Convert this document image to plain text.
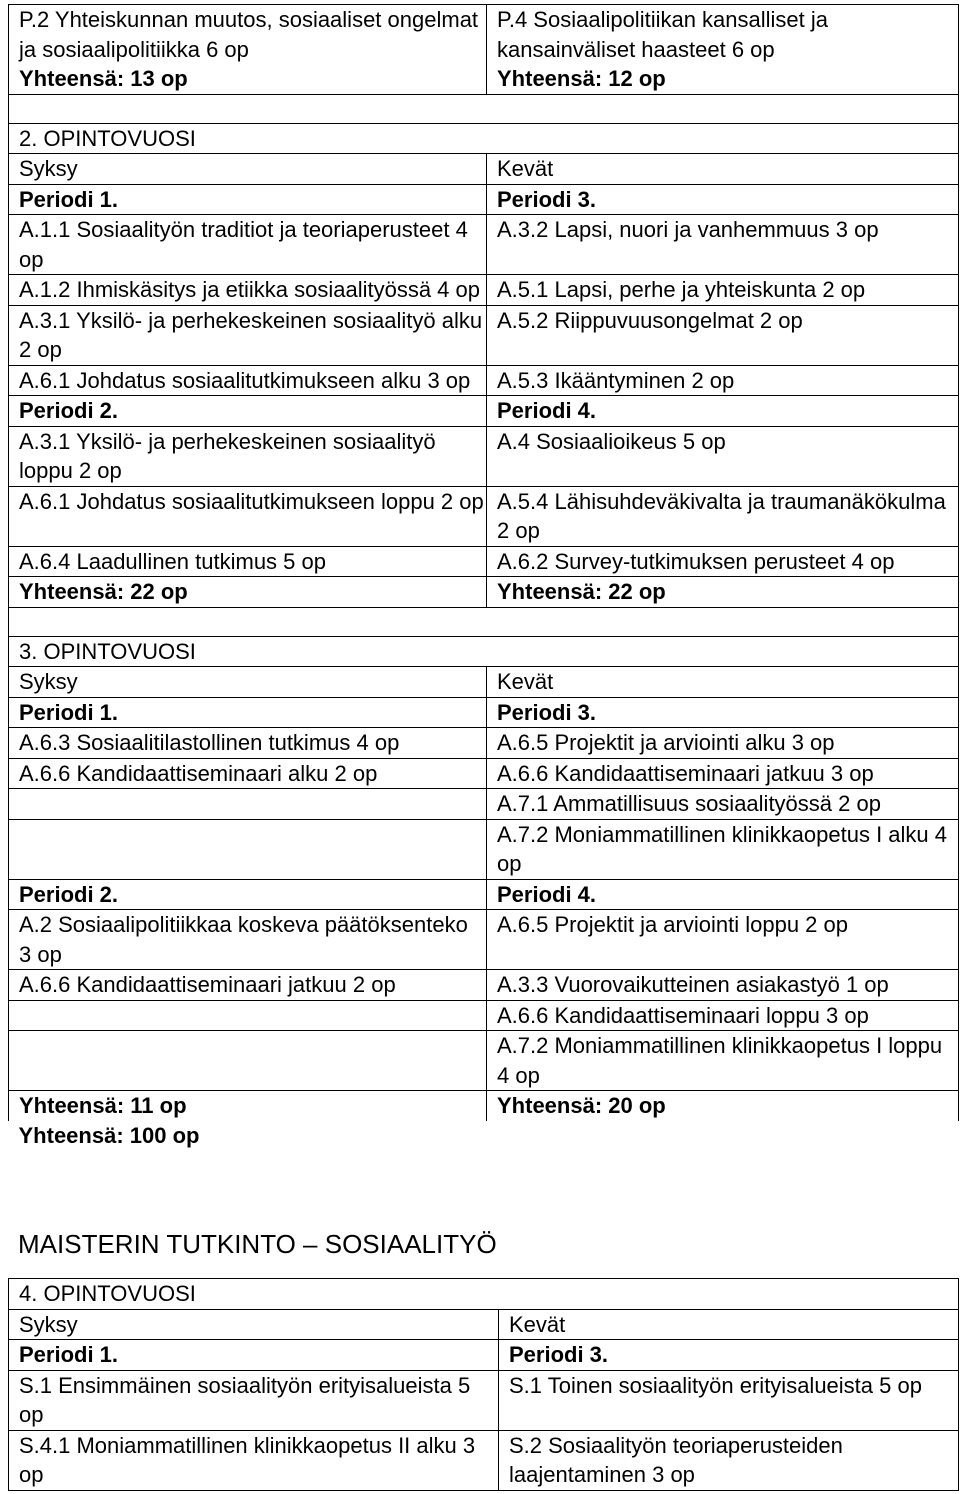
P.2 Yhteiskunnan muutos, sosiaaliset ongelmat ja sosiaalipolitiikka 6 op	P.4 Sosiaalipolitiikan kansalliset ja kansainväliset haasteet 6 op
Yhteensä: 13 op	Yhteensä: 12 op

2. OPINTOVUOSI	
Syksy	Kevät
Periodi 1.	Periodi 3.
A.1.1 Sosiaalityön traditiot ja teoriaperusteet 4 op	A.3.2 Lapsi, nuori ja vanhemmuus 3 op
A.1.2 Ihmiskäsitys ja etiikka sosiaalityössä 4 op	A.5.1 Lapsi, perhe ja yhteiskunta 2 op
A.3.1 Yksilö- ja perhekeskeinen sosiaalityö alku 2 op	A.5.2 Riippuvuusongelmat 2 op
A.6.1 Johdatus sosiaalitutkimukseen alku 3 op	A.5.3 Ikääntyminen 2 op
Periodi 2.	Periodi 4.
A.3.1 Yksilö- ja perhekeskeinen sosiaalityö loppu 2 op	A.4 Sosiaalioikeus 5 op
A.6.1 Johdatus sosiaalitutkimukseen loppu 2 op	A.5.4 Lähisuhdeväkivalta ja traumanäkökulma 2 op
A.6.4 Laadullinen tutkimus 5 op	A.6.2 Survey-tutkimuksen perusteet 4 op
Yhteensä: 22 op	Yhteensä: 22 op

3. OPINTOVUOSI	
Syksy	Kevät
Periodi 1.	Periodi 3.
A.6.3 Sosiaalitilastollinen tutkimus 4 op	A.6.5 Projektit ja arviointi alku 3 op
A.6.6 Kandidaattiseminaari alku 2 op	A.6.6 Kandidaattiseminaari jatkuu 3 op
	A.7.1 Ammatillisuus sosiaalityössä 2 op
	A.7.2 Moniammatillinen klinikkaopetus I alku 4 op
Periodi 2.	Periodi 4.
A.2 Sosiaalipolitiikkaa koskeva päätöksenteko 3 op	A.6.5 Projektit ja arviointi loppu 2 op
A.6.6 Kandidaattiseminaari jatkuu 2 op	A.3.3 Vuorovaikutteinen asiakastyö 1 op
	A.6.6 Kandidaattiseminaari loppu 3 op
	A.7.2 Moniammatillinen klinikkaopetus I loppu 4 op
Yhteensä: 11 op	Yhteensä: 20 op
Yhteensä: 100 op	
MAISTERIN TUTKINTO – SOSIAALITYÖ
4. OPINTOVUOSI	
Syksy	Kevät
Periodi 1.	Periodi 3.
S.1 Ensimmäinen sosiaalityön erityisalueista 5 op	S.1 Toinen sosiaalityön erityisalueista 5 op
S.4.1 Moniammatillinen klinikkaopetus II alku 3 op	S.2 Sosiaalityön teoriaperusteiden laajentaminen 3 op
